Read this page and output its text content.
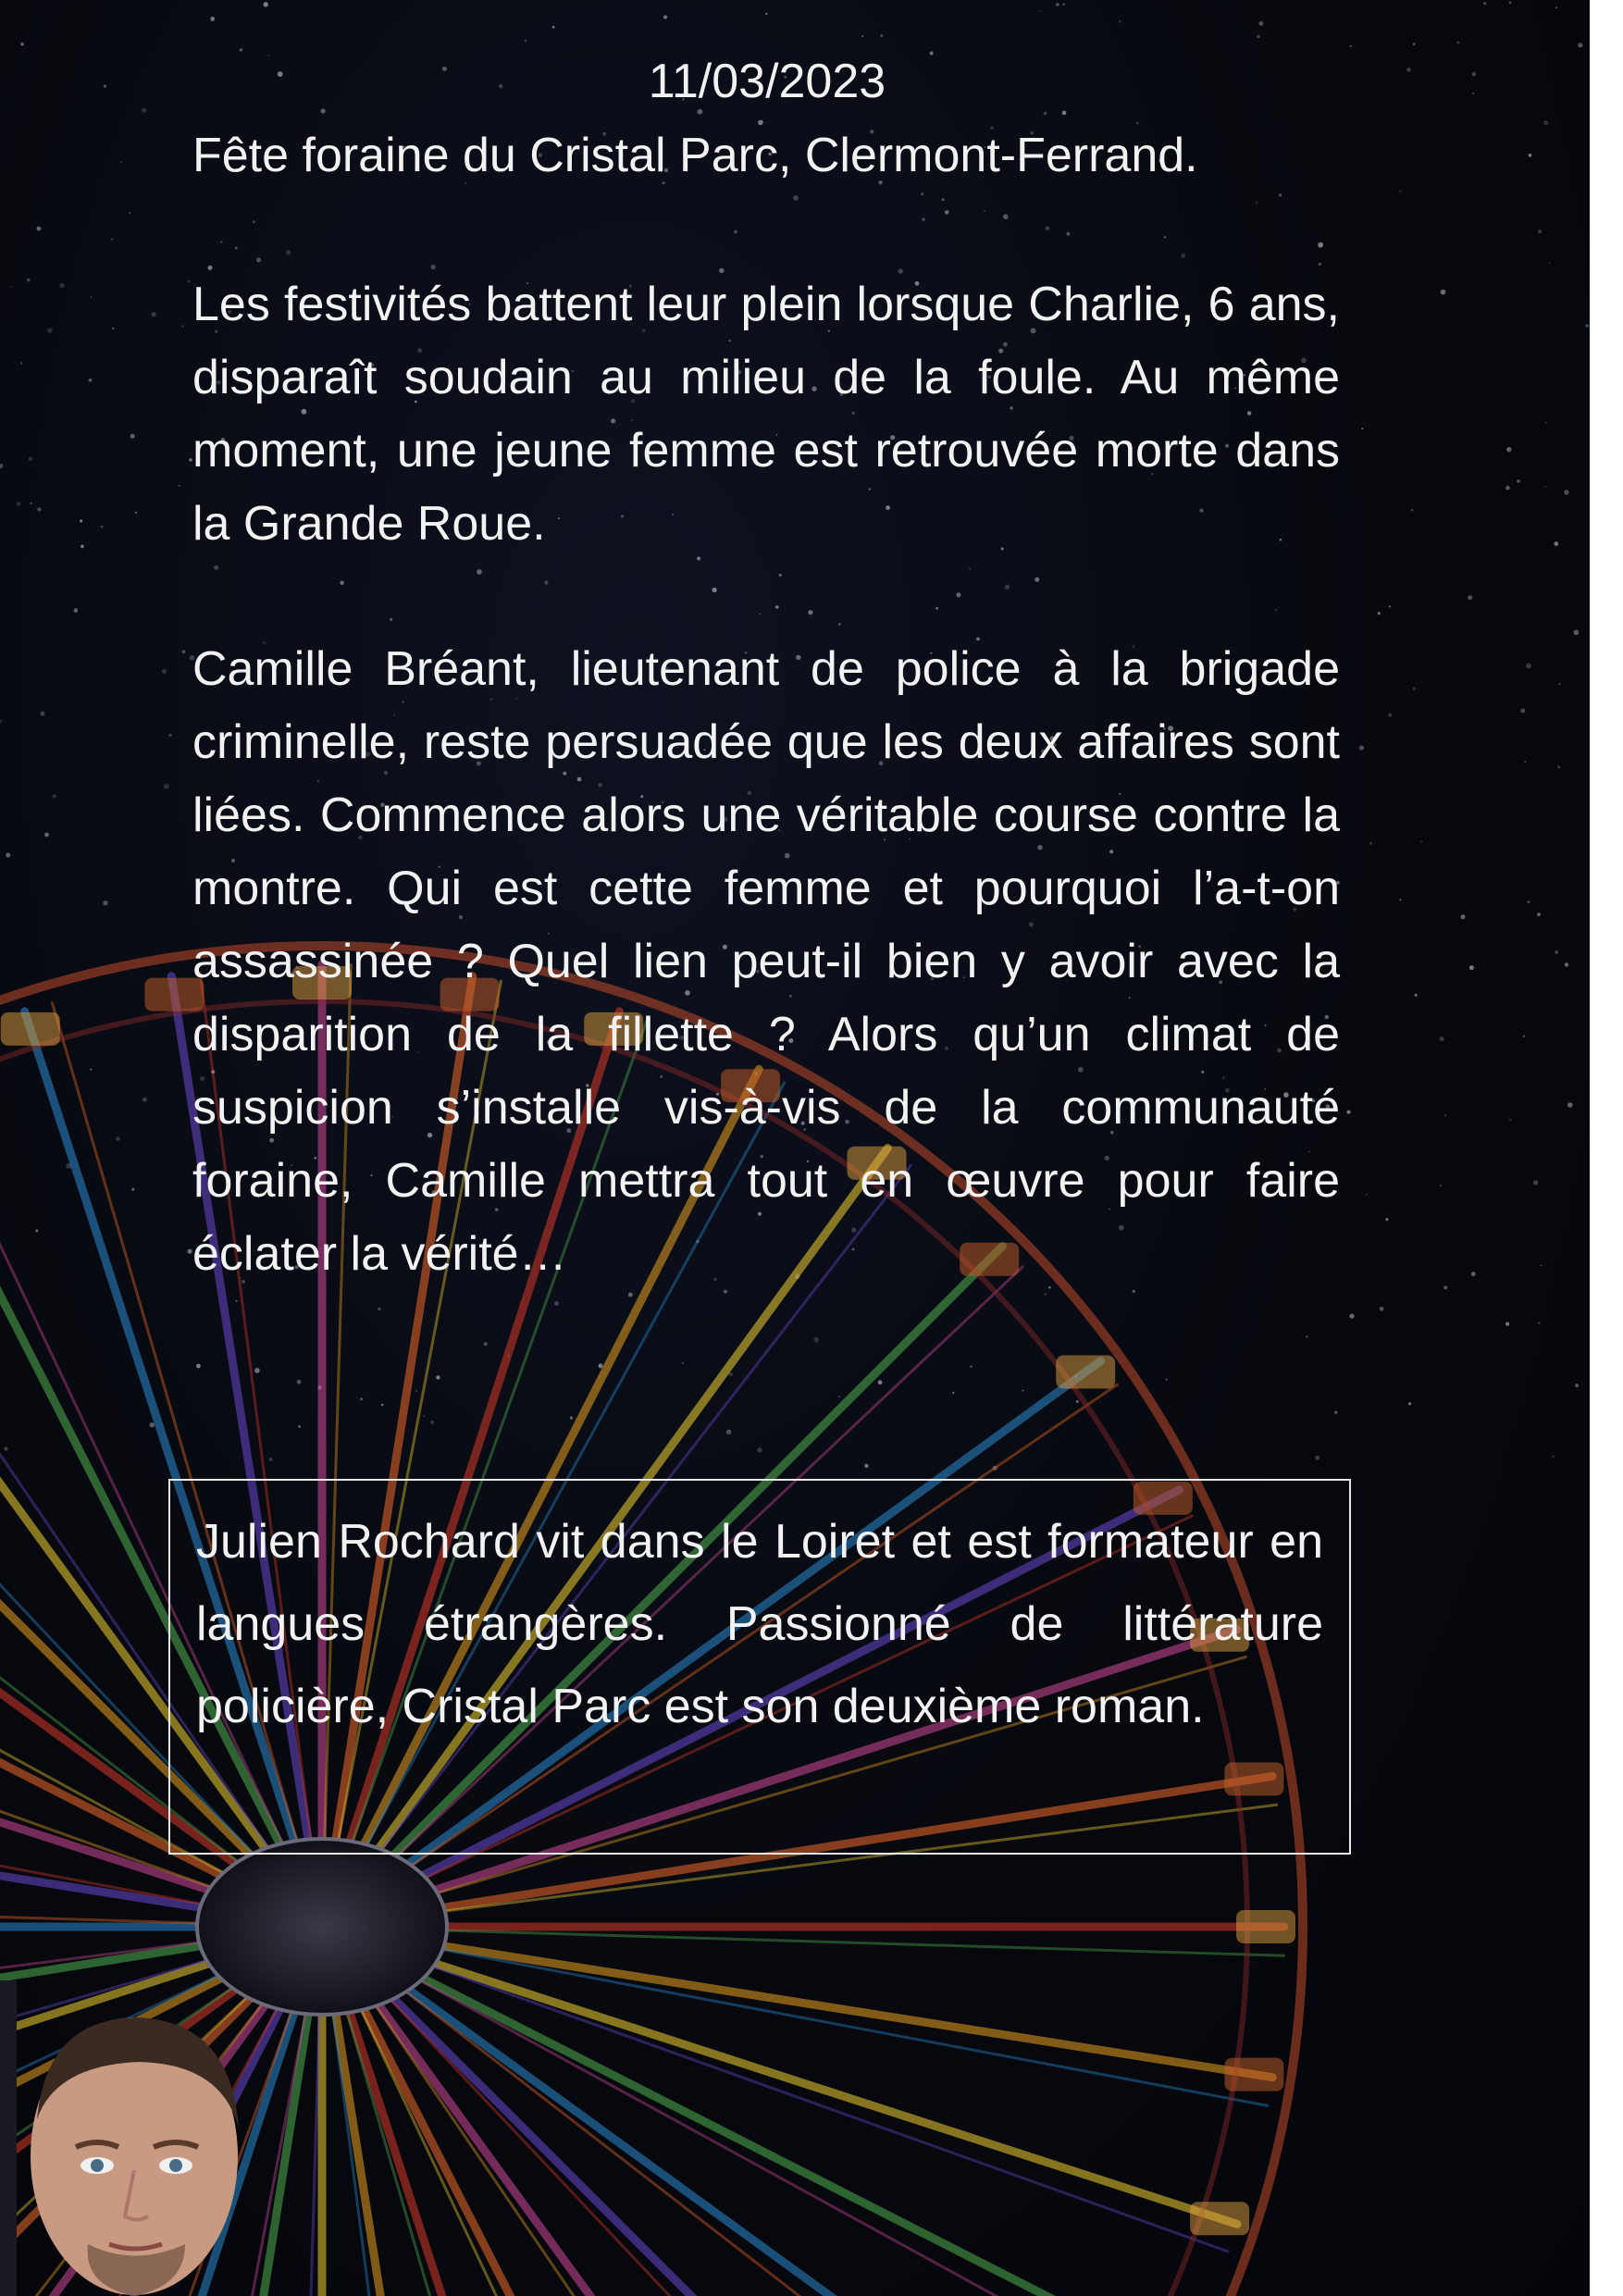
11/03/2023
Fête foraine du Cristal Parc, Clermont-Ferrand.

Les festivités battent leur plein lorsque Charlie, 6 ans, disparaît soudain au milieu de la foule. Au même moment, une jeune femme est retrouvée morte dans la Grande Roue.

Camille Bréant, lieutenant de police à la brigade criminelle, reste persuadée que les deux affaires sont liées. Commence alors une véritable course contre la montre. Qui est cette femme et pourquoi l’a-t-on assassinée ? Quel lien peut-il bien y avoir avec la disparition de la fillette ? Alors qu’un climat de suspicion s’installe vis-à-vis de la communauté foraine, Camille mettra tout en œuvre pour faire éclater la vérité…

Julien Rochard vit dans le Loiret et est formateur en langues étrangères. Passionné de littérature policière, Cristal Parc est son deuxième roman.
